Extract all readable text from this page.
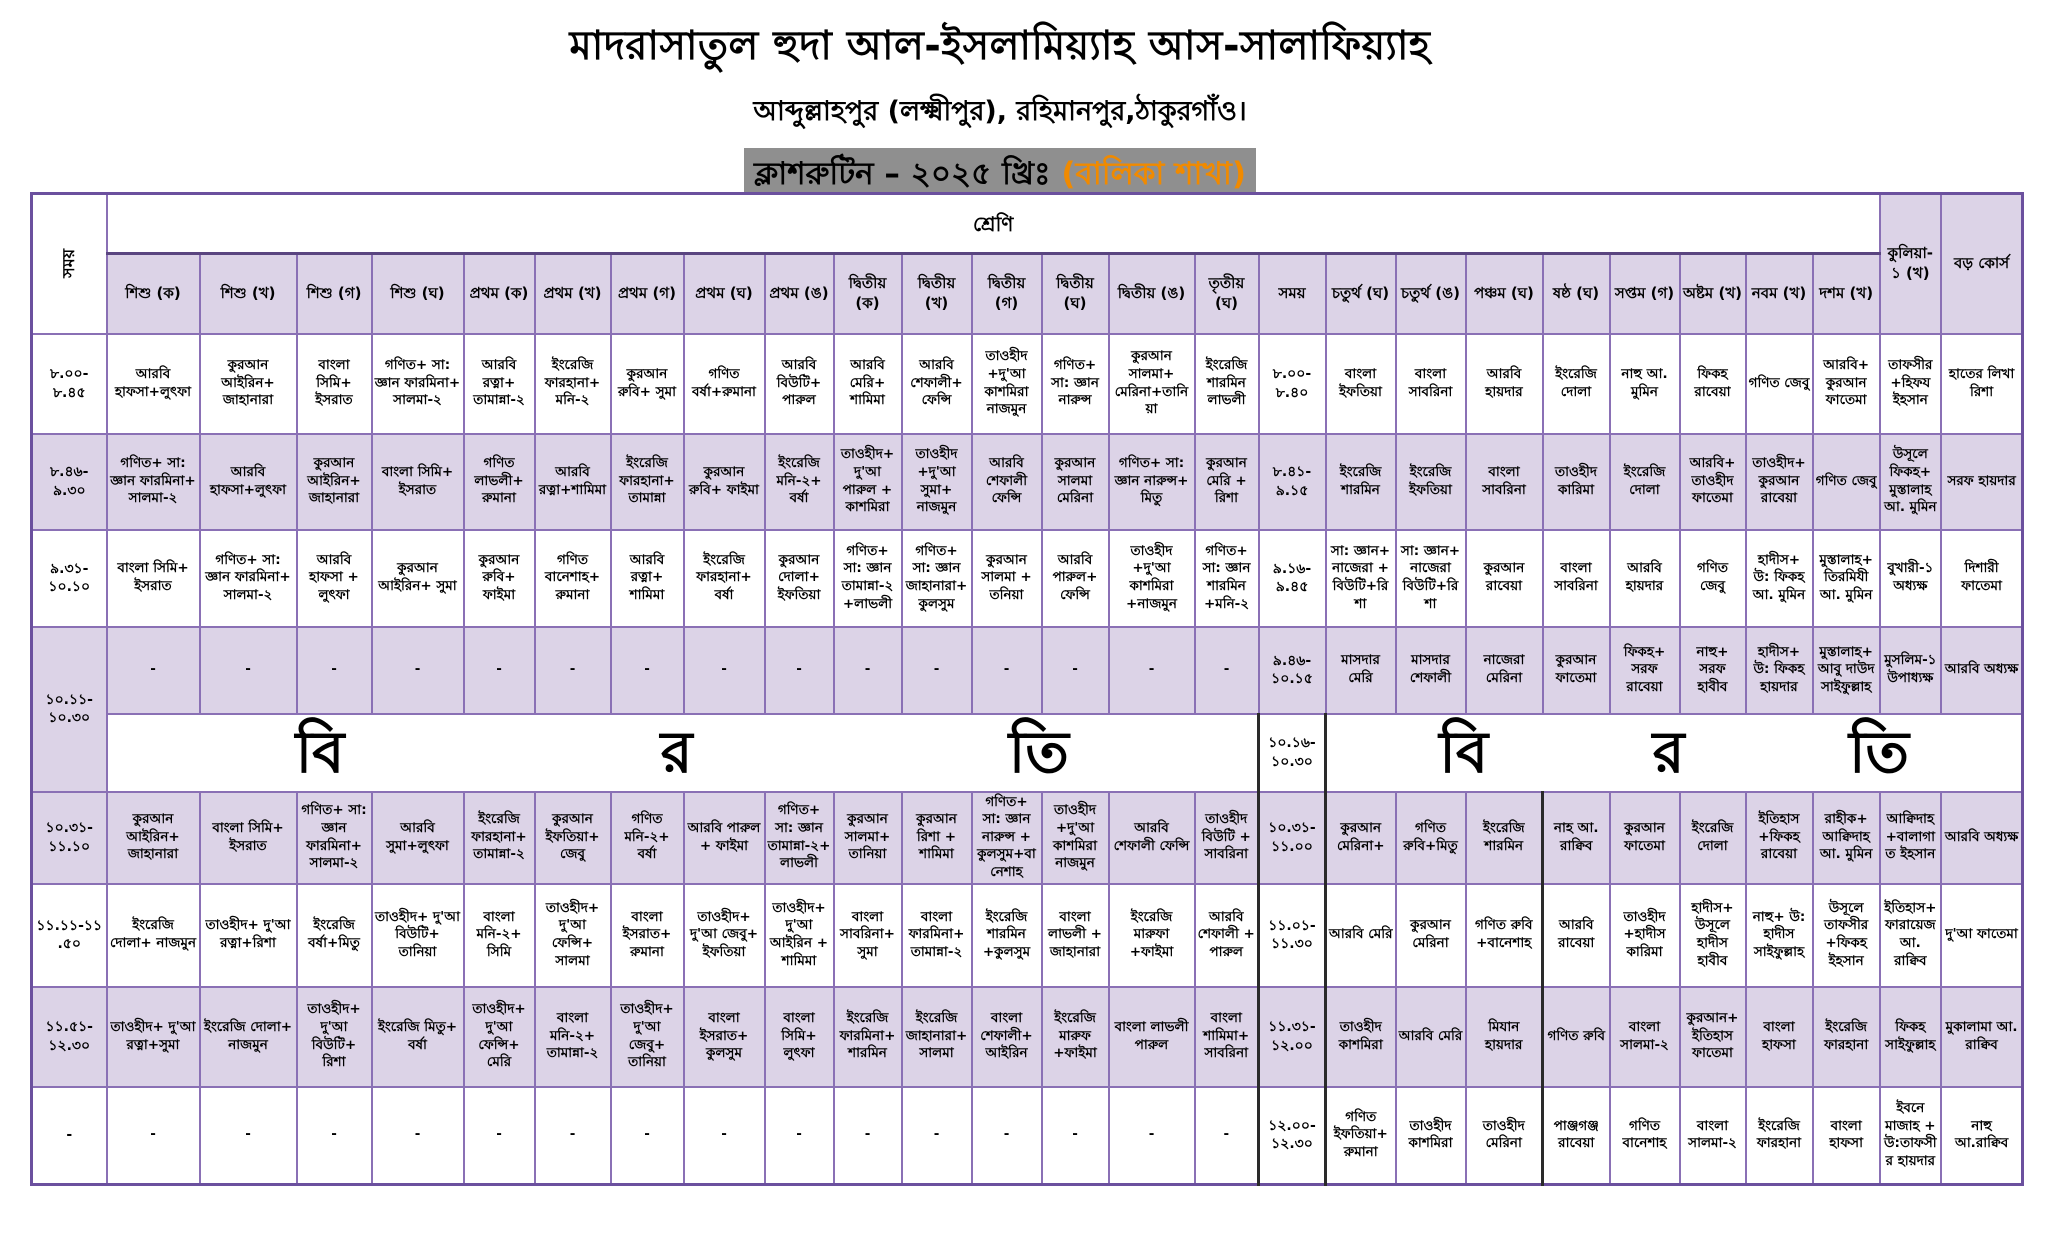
মাদরাসাতুল হুদা আল-ইসলামিয়্যাহ আস-সালাফিয়্যাহ
আব্দুল্লাহপুর (লক্ষ্মীপুর), রহিমানপুর,ঠাকুরগাঁও।
ক্লাশরুটিন – ২০২৫ খ্রিঃ (বালিকা শাখা)
সময়	শ্রেণি																								কুলিয়া-১ (খ)	বড় কোর্স
	শিশু (ক)	শিশু (খ)	শিশু (গ)	শিশু (ঘ)	প্রথম (ক)	প্রথম (খ)	প্রথম (গ)	প্রথম (ঘ)	প্রথম (ঙ)	দ্বিতীয় (ক)	দ্বিতীয় (খ)	দ্বিতীয় (গ)	দ্বিতীয় (ঘ)	দ্বিতীয় (ঙ)	তৃতীয় (ঘ)	সময়	চতুর্থ (ঘ)	চতুর্থ (ঙ)	পঞ্চম (ঘ)	ষষ্ঠ (ঘ)	সপ্তম (গ)	অষ্টম (খ)	নবম (খ)	দশম (খ)		
৮.০০- ৮.৪৫	আরবি হাফসা+লুৎফা	কুরআন আইরিন+ জাহানারা	বাংলা সিমি+ ইসরাত	গণিত+ সা: জ্ঞান ফারমিনা+ সালমা-২	আরবি রত্না+ তামান্না-২	ইংরেজি ফারহানা+ মনি-২	কুরআন রুবি+ সুমা	গণিত বর্ষা+রুমানা	আরবি বিউটি+ পারুল	আরবি মেরি+ শামিমা	আরবি শেফালী+ ফেন্সি	তাওহীদ +দু'আ কাশমিরা নাজমুন	গণিত+ সা: জ্ঞান নারুন্স	কুরআন সালমা+ মেরিনা+তানিয়া	ইংরেজি শারমিন লাভলী	৮.০০- ৮.৪০	বাংলা ইফতিয়া	বাংলা সাবরিনা	আরবি হায়দার	ইংরেজি দোলা	নাহু আ. মুমিন	ফিকহ রাবেয়া	গণিত জেবু	আরবি+ কুরআন ফাতেমা	তাফসীর +হিফয ইহসান	হাতের লিখা রিশা
৮.৪৬- ৯.৩০	গণিত+ সা: জ্ঞান ফারমিনা+ সালমা-২	আরবি হাফসা+লুৎফা	কুরআন আইরিন+ জাহানারা	বাংলা সিমি+ ইসরাত	গণিত লাভলী+ রুমানা	আরবি রত্না+শামিমা	ইংরেজি ফারহানা+ তামান্না	কুরআন রুবি+ ফাইমা	ইংরেজি মনি-২+ বর্ষা	তাওহীদ+ দু'আ পারুল + কাশমিরা	তাওহীদ +দু'আ সুমা+ নাজমুন	আরবি শেফালী ফেন্সি	কুরআন সালমা মেরিনা	গণিত+ সা: জ্ঞান নারুন্স+ মিতু	কুরআন মেরি + রিশা	৮.৪১- ৯.১৫	ইংরেজি শারমিন	ইংরেজি ইফতিয়া	বাংলা সাবরিনা	তাওহীদ কারিমা	ইংরেজি দোলা	আরবি+ তাওহীদ ফাতেমা	তাওহীদ+ কুরআন রাবেয়া	গণিত জেবু	উসূলে ফিকহ+ মুস্তালাহ আ. মুমিন	সরফ হায়দার
৯.৩১- ১০.১০	বাংলা সিমি+ ইসরাত	গণিত+ সা: জ্ঞান ফারমিনা+ সালমা-২	আরবি হাফসা + লুৎফা	কুরআন আইরিন+ সুমা	কুরআন রুবি+ ফাইমা	গণিত বানেশাহ+ রুমানা	আরবি রত্না+ শামিমা	ইংরেজি ফারহানা+ বর্ষা	কুরআন দোলা+ ইফতিয়া	গণিত+ সা: জ্ঞান তামান্না-২ +লাভলী	গণিত+ সা: জ্ঞান জাহানারা+ কুলসুম	কুরআন সালমা + তনিয়া	আরবি পারুল+ ফেন্সি	তাওহীদ +দু'আ কাশমিরা +নাজমুন	গণিত+ সা: জ্ঞান শারমিন +মনি-২	৯.১৬- ৯.৪৫	সা: জ্ঞান+ নাজেরা + বিউটি+রিশা	সা: জ্ঞান+ নাজেরা বিউটি+রিশা	কুরআন রাবেয়া	বাংলা সাবরিনা	আরবি হায়দার	গণিত জেবু	হাদীস+ উ: ফিকহ আ. মুমিন	মুস্তালাহ+ তিরমিযী আ. মুমিন	বুখারী-১ অধ্যক্ষ	দিশারী ফাতেমা
১০.১১- ১০.৩০	-	-	-	-	-	-	-	-	-	-	-	-	-	-	-	৯.৪৬- ১০.১৫	মাসদার মেরি	মাসদার শেফালী	নাজেরা মেরিনা	কুরআন ফাতেমা	ফিকহ+ সরফ রাবেয়া	নাহু+ সরফ হাবীব	হাদীস+ উ: ফিকহ হায়দার	মুস্তালাহ+ আবু দাউদ সাইফুল্লাহ	মুসলিম-১ উপাধ্যক্ষ	আরবি অধ্যক্ষ

	বি র তি															১০.১৬- ১০.৩০	বি র তি									

১০.৩১- ১১.১০	কুরআন আইরিন+ জাহানারা	বাংলা সিমি+ ইসরাত	গণিত+ সা: জ্ঞান ফারমিনা+ সালমা-২	আরবি সুমা+লুৎফা	ইংরেজি ফারহানা+ তামান্না-২	কুরআন ইফতিয়া+ জেবু	গণিত মনি-২+ বর্ষা	আরবি পারুল + ফাইমা	গণিত+ সা: জ্ঞান তামান্না-২+ লাভলী	কুরআন সালমা+ তানিয়া	কুরআন রিশা + শামিমা	গণিত+ সা: জ্ঞান নারুন্স + কুলসুম+বানেশাহ	তাওহীদ +দু'আ কাশমিরা নাজমুন	আরবি শেফালী ফেন্সি	তাওহীদ বিউটি + সাবরিনা	১০.৩১- ১১.০০	কুরআন মেরিনা+	গণিত রুবি+মিতু	ইংরেজি শারমিন	নাহ আ. রাক্বিব	কুরআন ফাতেমা	ইংরেজি দোলা	ইতিহাস +ফিকহ রাবেয়া	রাহীক+ আক্বিদাহ আ. মুমিন	আক্বিদাহ +বালাগাত ইহসান	আরবি অধ্যক্ষ
১১.১১-১১.৫০	ইংরেজি দোলা+ নাজমুন	তাওহীদ+ দু'আ রত্না+রিশা	ইংরেজি বর্ষা+মিতু	তাওহীদ+ দু'আ বিউটি+ তানিয়া	বাংলা মনি-২+ সিমি	তাওহীদ+ দু'আ ফেন্সি+ সালমা	বাংলা ইসরাত+ রুমানা	তাওহীদ+ দু'আ জেবু+ ইফতিয়া	তাওহীদ+ দু'আ আইরিন + শামিমা	বাংলা সাবরিনা+ সুমা	বাংলা ফারমিনা+ তামান্না-২	ইংরেজি শারমিন +কুলসুম	বাংলা লাভলী + জাহানারা	ইংরেজি মারুফা +ফাইমা	আরবি শেফালী + পারুল	১১.০১- ১১.৩০	আরবি মেরি	কুরআন মেরিনা	গণিত রুবি +বানেশাহ	আরবি রাবেয়া	তাওহীদ +হাদীস কারিমা	হাদীস+ উসূলে হাদীস হাবীব	নাহু+ উ: হাদীস সাইফুল্লাহ	উসূলে তাফসীর +ফিকহ ইহসান	ইতিহাস+ ফারায়েজ আ. রাক্বিব	দু'আ ফাতেমা
১১.৫১- ১২.৩০	তাওহীদ+ দু'আ রত্না+সুমা	ইংরেজি দোলা+ নাজমুন	তাওহীদ+ দু'আ বিউটি+ রিশা	ইংরেজি মিতু+ বর্ষা	তাওহীদ+ দু'আ ফেন্সি+ মেরি	বাংলা মনি-২+ তামান্না-২	তাওহীদ+ দু'আ জেবু+ তানিয়া	বাংলা ইসরাত+ কুলসুম	বাংলা সিমি+ লুৎফা	ইংরেজি ফারমিনা+ শারমিন	ইংরেজি জাহানারা+ সালমা	বাংলা শেফালী+ আইরিন	ইংরেজি মারুফ +ফাইমা	বাংলা লাভলী পারুল	বাংলা শামিমা+ সাবরিনা	১১.৩১- ১২.০০	তাওহীদ কাশমিরা	আরবি মেরি	মিযান হায়দার	গণিত রুবি	বাংলা সালমা-২	কুরআন+ ইতিহাস ফাতেমা	বাংলা হাফসা	ইংরেজি ফারহানা	ফিকহ সাইফুল্লাহ	মুকালামা আ. রাক্বিব
-	-	-	-	-	-	-	-	-	-	-	-	-	-	-	-	১২.০০- ১২.৩০	গণিত ইফতিয়া+ রুমানা	তাওহীদ কাশমিরা	তাওহীদ মেরিনা	পাঞ্জগঞ্জ রাবেয়া	গণিত বানেশাহ	বাংলা সালমা-২	ইংরেজি ফারহানা	বাংলা হাফসা	ইবনে মাজাহ + উ:তাফসীর হায়দার	নাহু আ.রাক্বিব
